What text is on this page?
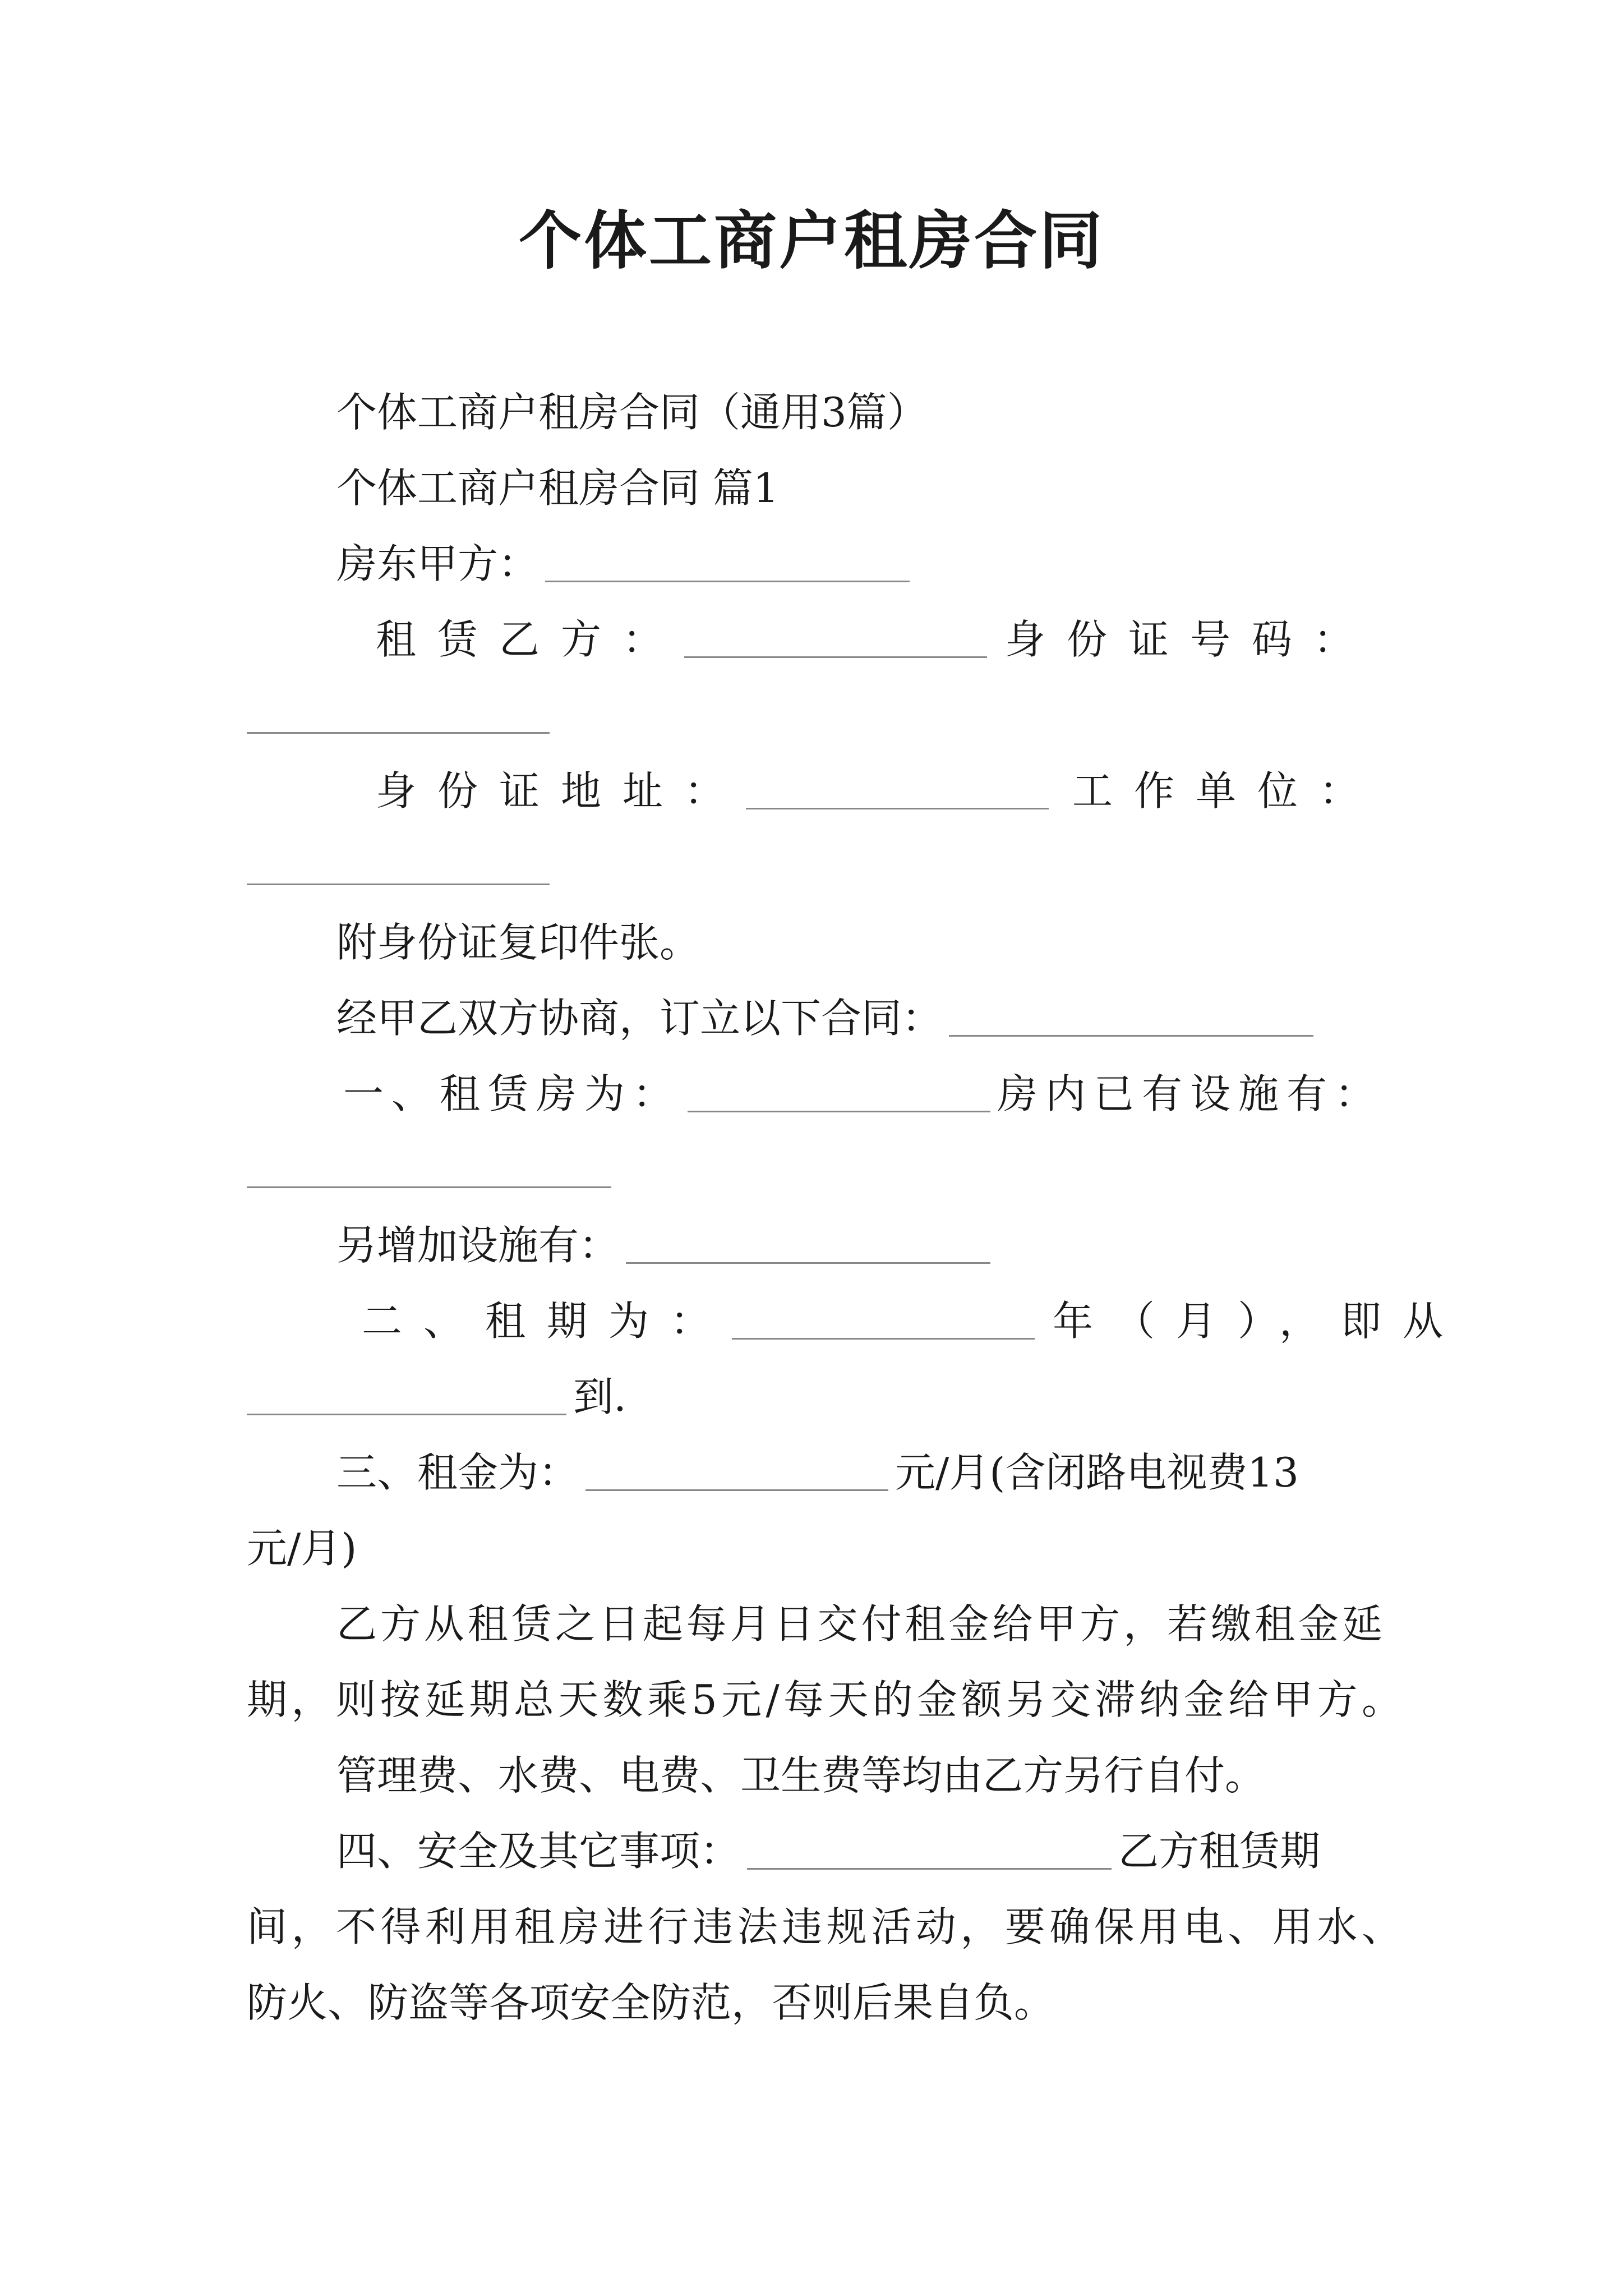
个体工商户租房合同
个体工商户租房合同（通用3篇）
个体工商户租房合同 篇1
房东甲方：
租赁乙方：	身份证号码：
身份证地址：	工作单位：
附身份证复印件张。
经甲乙双方协商，订立以下合同：
一、租赁房为：	房内已有设施有：
另增加设施有：
二、租期为：	年（月），即从
到.
三、租金为：	元/月(含闭路电视费13
元/月)
乙方从租赁之日起每月日交付租金给甲方，若缴租金延
期，则按延期总天数乘5元/每天的金额另交滞纳金给甲方。
管理费、水费、电费、卫生费等均由乙方另行自付。
四、安全及其它事项：	乙方租赁期
间，不得利用租房进行违法违规活动，要确保用电、用水、
防火、防盗等各项安全防范，否则后果自负。
